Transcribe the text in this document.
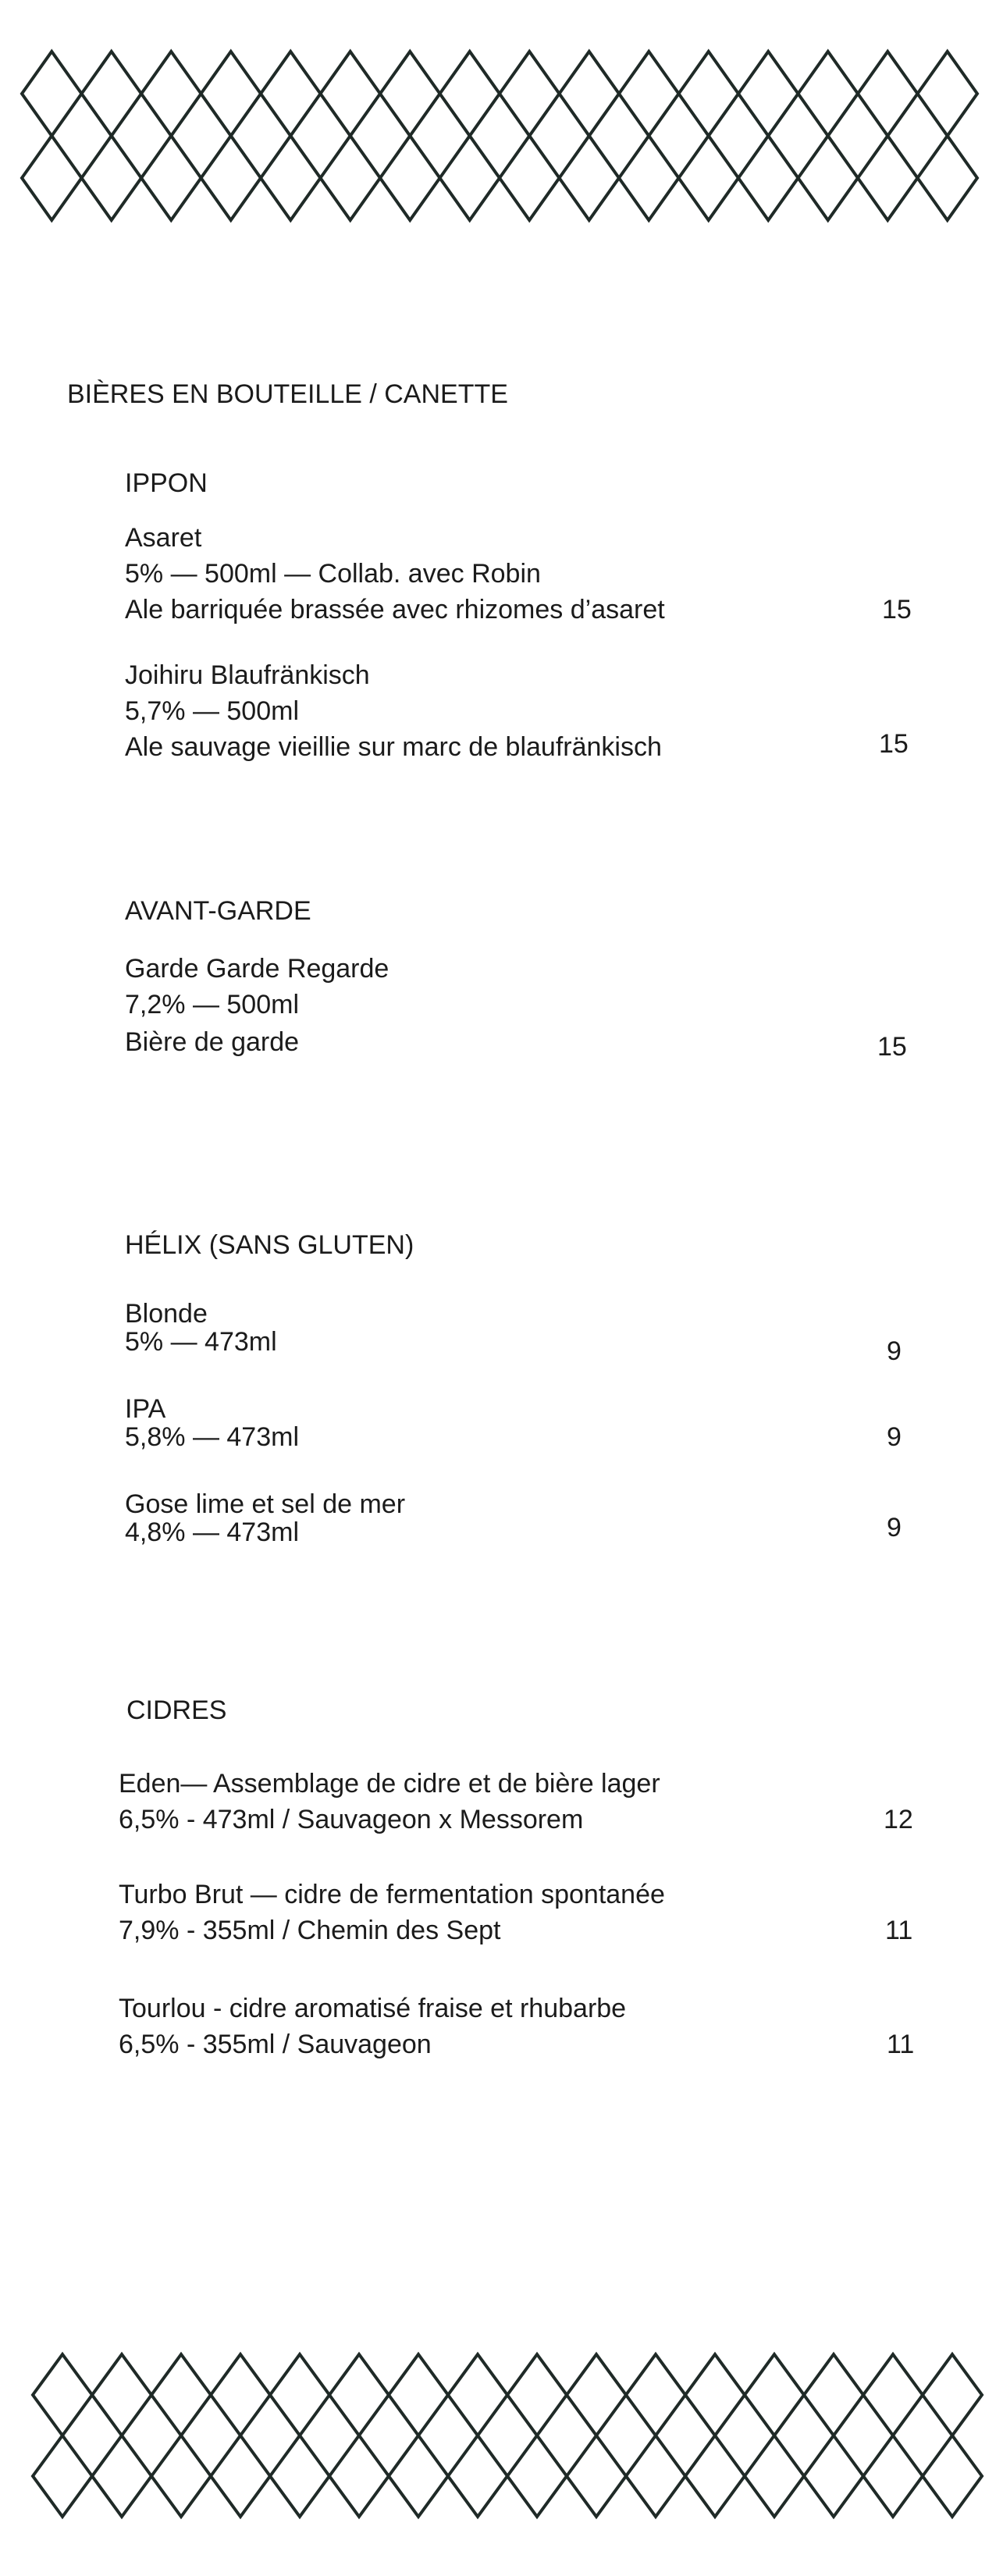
BIÈRES EN BOUTEILLE / CANETTE
IPPON
Asaret
5% — 500ml — Collab. avec Robin
Ale barriquée brassée avec rhizomes d’asaret	15
Joihiru Blaufränkisch
5,7% — 500ml
Ale sauvage vieillie sur marc de blaufränkisch	15
AVANT-GARDE
Garde Garde Regarde
7,2% — 500ml
Bière de garde	15
HÉLIX (SANS GLUTEN)
Blonde
5% — 473ml	9
IPA
5,8% — 473ml	9
Gose lime et sel de mer
4,8% — 473ml	9
CIDRES
Eden— Assemblage de cidre et de bière lager
6,5% - 473ml / Sauvageon x Messorem	12
Turbo Brut — cidre de fermentation spontanée
7,9% - 355ml / Chemin des Sept	11
Tourlou - cidre aromatisé fraise et rhubarbe
6,5% - 355ml / Sauvageon	11
